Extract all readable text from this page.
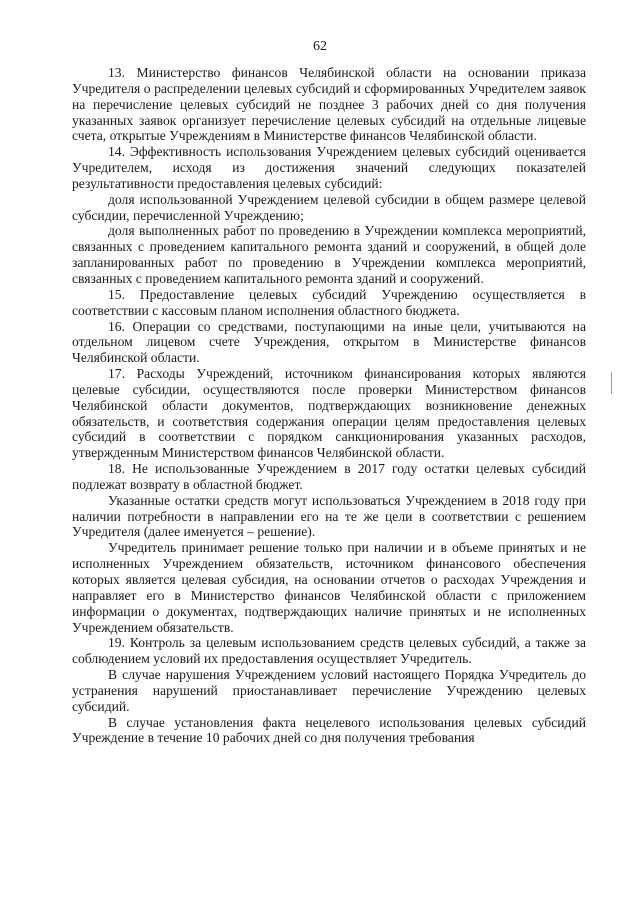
62

13. Министерство финансов Челябинской области на основании приказа Учредителя о распределении целевых субсидий и сформированных Учредителем заявок на перечисление целевых субсидий не позднее 3 рабочих дней со дня получения указанных заявок организует перечисление целевых субсидий на отдельные лицевые счета, открытые Учреждениям в Министерстве финансов Челябинской области.

14. Эффективность использования Учреждением целевых субсидий оценивается Учредителем, исходя из достижения значений следующих показателей результативности предоставления целевых субсидий:

доля использованной Учреждением целевой субсидии в общем размере целевой субсидии, перечисленной Учреждению;

доля выполненных работ по проведению в Учреждении комплекса мероприятий, связанных с проведением капитального ремонта зданий и сооружений, в общей доле запланированных работ по проведению в Учреждении комплекса мероприятий, связанных с проведением капитального ремонта зданий и сооружений.

15. Предоставление целевых субсидий Учреждению осуществляется в соответствии с кассовым планом исполнения областного бюджета.

16. Операции со средствами, поступающими на иные цели, учитываются на отдельном лицевом счете Учреждения, открытом в Министерстве финансов Челябинской области.

17. Расходы Учреждений, источником финансирования которых являются целевые субсидии, осуществляются после проверки Министерством финансов Челябинской области документов, подтверждающих возникновение денежных обязательств, и соответствия содержания операции целям предоставления целевых субсидий в соответствии с порядком санкционирования указанных расходов, утвержденным Министерством финансов Челябинской области.

18. Не использованные Учреждением в 2017 году остатки целевых субсидий подлежат возврату в областной бюджет.

Указанные остатки средств могут использоваться Учреждением в 2018 году при наличии потребности в направлении его на те же цели в соответствии с решением Учредителя (далее именуется – решение).

Учредитель принимает решение только при наличии и в объеме принятых и не исполненных Учреждением обязательств, источником финансового обеспечения которых является целевая субсидия, на основании отчетов о расходах Учреждения и направляет его в Министерство финансов Челябинской области с приложением информации о документах, подтверждающих наличие принятых и не исполненных Учреждением обязательств.

19. Контроль за целевым использованием средств целевых субсидий, а также за соблюдением условий их предоставления осуществляет Учредитель.

В случае нарушения Учреждением условий настоящего Порядка Учредитель до устранения нарушений приостанавливает перечисление Учреждению целевых субсидий.

В случае установления факта нецелевого использования целевых субсидий Учреждение в течение 10 рабочих дней со дня получения требования
